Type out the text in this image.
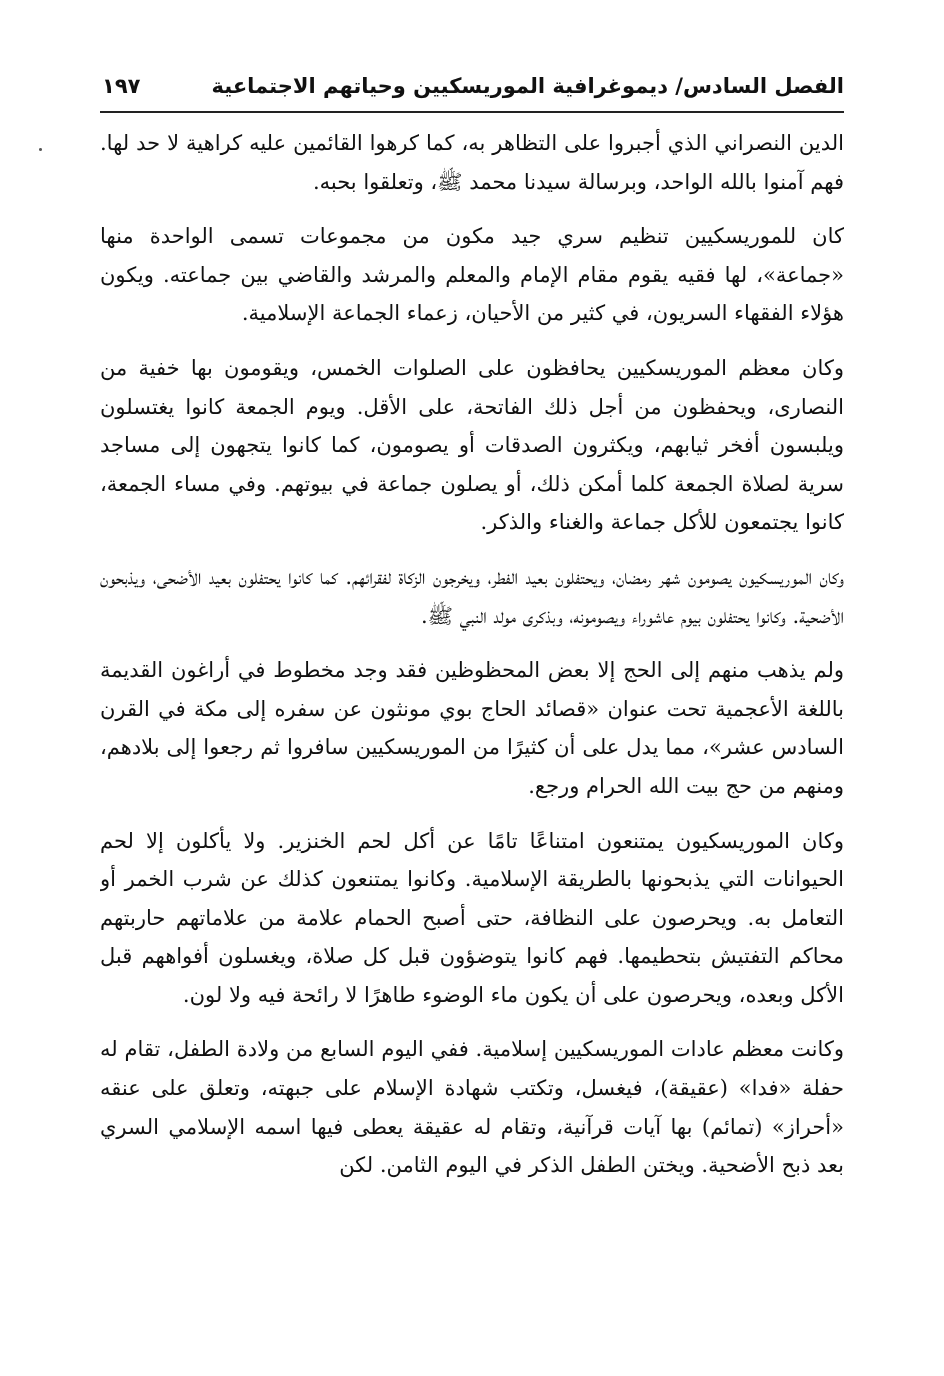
الفصل السادس/ ديموغرافية الموريسكيين وحياتهم الاجتماعية
١٩٧

الدين النصراني الذي أجبروا على التظاهر به، كما كرهوا القائمين عليه كراهية لا حد لها. فهم آمنوا بالله الواحد، وبرسالة سيدنا محمد ﷺ، وتعلقوا بحبه.

كان للموريسكيين تنظيم سري جيد مكون من مجموعات تسمى الواحدة منها «جماعة»، لها فقيه يقوم مقام الإمام والمعلم والمرشد والقاضي بين جماعته. ويكون هؤلاء الفقهاء السريون، في كثير من الأحيان، زعماء الجماعة الإسلامية.

وكان معظم الموريسكيين يحافظون على الصلوات الخمس، ويقومون بها خفية من النصارى، ويحفظون من أجل ذلك الفاتحة، على الأقل. ويوم الجمعة كانوا يغتسلون ويلبسون أفخر ثيابهم، ويكثرون الصدقات أو يصومون، كما كانوا يتجهون إلى مساجد سرية لصلاة الجمعة كلما أمكن ذلك، أو يصلون جماعة في بيوتهم. وفي مساء الجمعة، كانوا يجتمعون للأكل جماعة والغناء والذكر.

وكان الموريسكيون يصومون شهر رمضان، ويحتفلون بعيد الفطر، ويخرجون الزكاة لفقرائهم. كما كانوا يحتفلون بعيد الأضحى، ويذبحون الأضحية. وكانوا يحتفلون بيوم عاشوراء ويصومونه، وبذكرى مولد النبي ﷺ.

ولم يذهب منهم إلى الحج إلا بعض المحظوظين فقد وجد مخطوط في أراغون القديمة باللغة الأعجمية تحت عنوان «قصائد الحاج بوي مونثون عن سفره إلى مكة في القرن السادس عشر»، مما يدل على أن كثيرًا من الموريسكيين سافروا ثم رجعوا إلى بلادهم، ومنهم من حج بيت الله الحرام ورجع.

وكان الموريسكيون يمتنعون امتناعًا تامًا عن أكل لحم الخنزير. ولا يأكلون إلا لحم الحيوانات التي يذبحونها بالطريقة الإسلامية. وكانوا يمتنعون كذلك عن شرب الخمر أو التعامل به. ويحرصون على النظافة، حتى أصبح الحمام علامة من علاماتهم حاربتهم محاكم التفتيش بتحطيمها. فهم كانوا يتوضؤون قبل كل صلاة، ويغسلون أفواههم قبل الأكل وبعده، ويحرصون على أن يكون ماء الوضوء طاهرًا لا رائحة فيه ولا لون.

وكانت معظم عادات الموريسكيين إسلامية. ففي اليوم السابع من ولادة الطفل، تقام له حفلة «فدا» (عقيقة)، فيغسل، وتكتب شهادة الإسلام على جبهته، وتعلق على عنقه «أحراز» (تمائم) بها آيات قرآنية، وتقام له عقيقة يعطى فيها اسمه الإسلامي السري بعد ذبح الأضحية. ويختن الطفل الذكر في اليوم الثامن. لكن
